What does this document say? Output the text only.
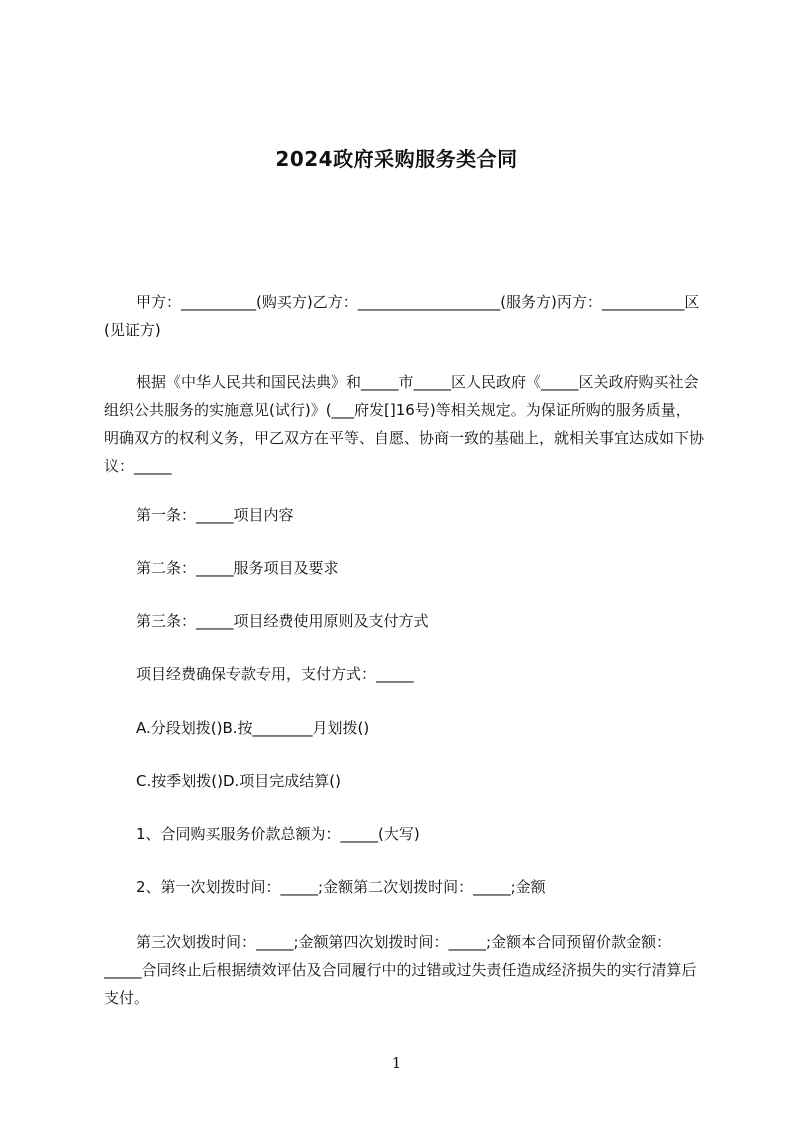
2024政府采购服务类合同

甲方：__________(购买方)乙方：___________________(服务方)丙方：___________区(见证方)

根据《中华人民共和国民法典》和_____市_____区人民政府《_____区关政府购买社会组织公共服务的实施意见(试行)》(___府发[]16号)等相关规定。为保证所购的服务质量，明确双方的权利义务，甲乙双方在平等、自愿、协商一致的基础上，就相关事宜达成如下协议：_____

第一条：_____项目内容

第二条：_____服务项目及要求

第三条：_____项目经费使用原则及支付方式

项目经费确保专款专用，支付方式：_____

A.分段划拨()B.按________月划拨()

C.按季划拨()D.项目完成结算()

1、合同购买服务价款总额为：_____(大写)

2、第一次划拨时间：_____;金额第二次划拨时间：_____;金额

第三次划拨时间：_____;金额第四次划拨时间：_____;金额本合同预留价款金额：_____合同终止后根据绩效评估及合同履行中的过错或过失责任造成经济损失的实行清算后支付。

1
